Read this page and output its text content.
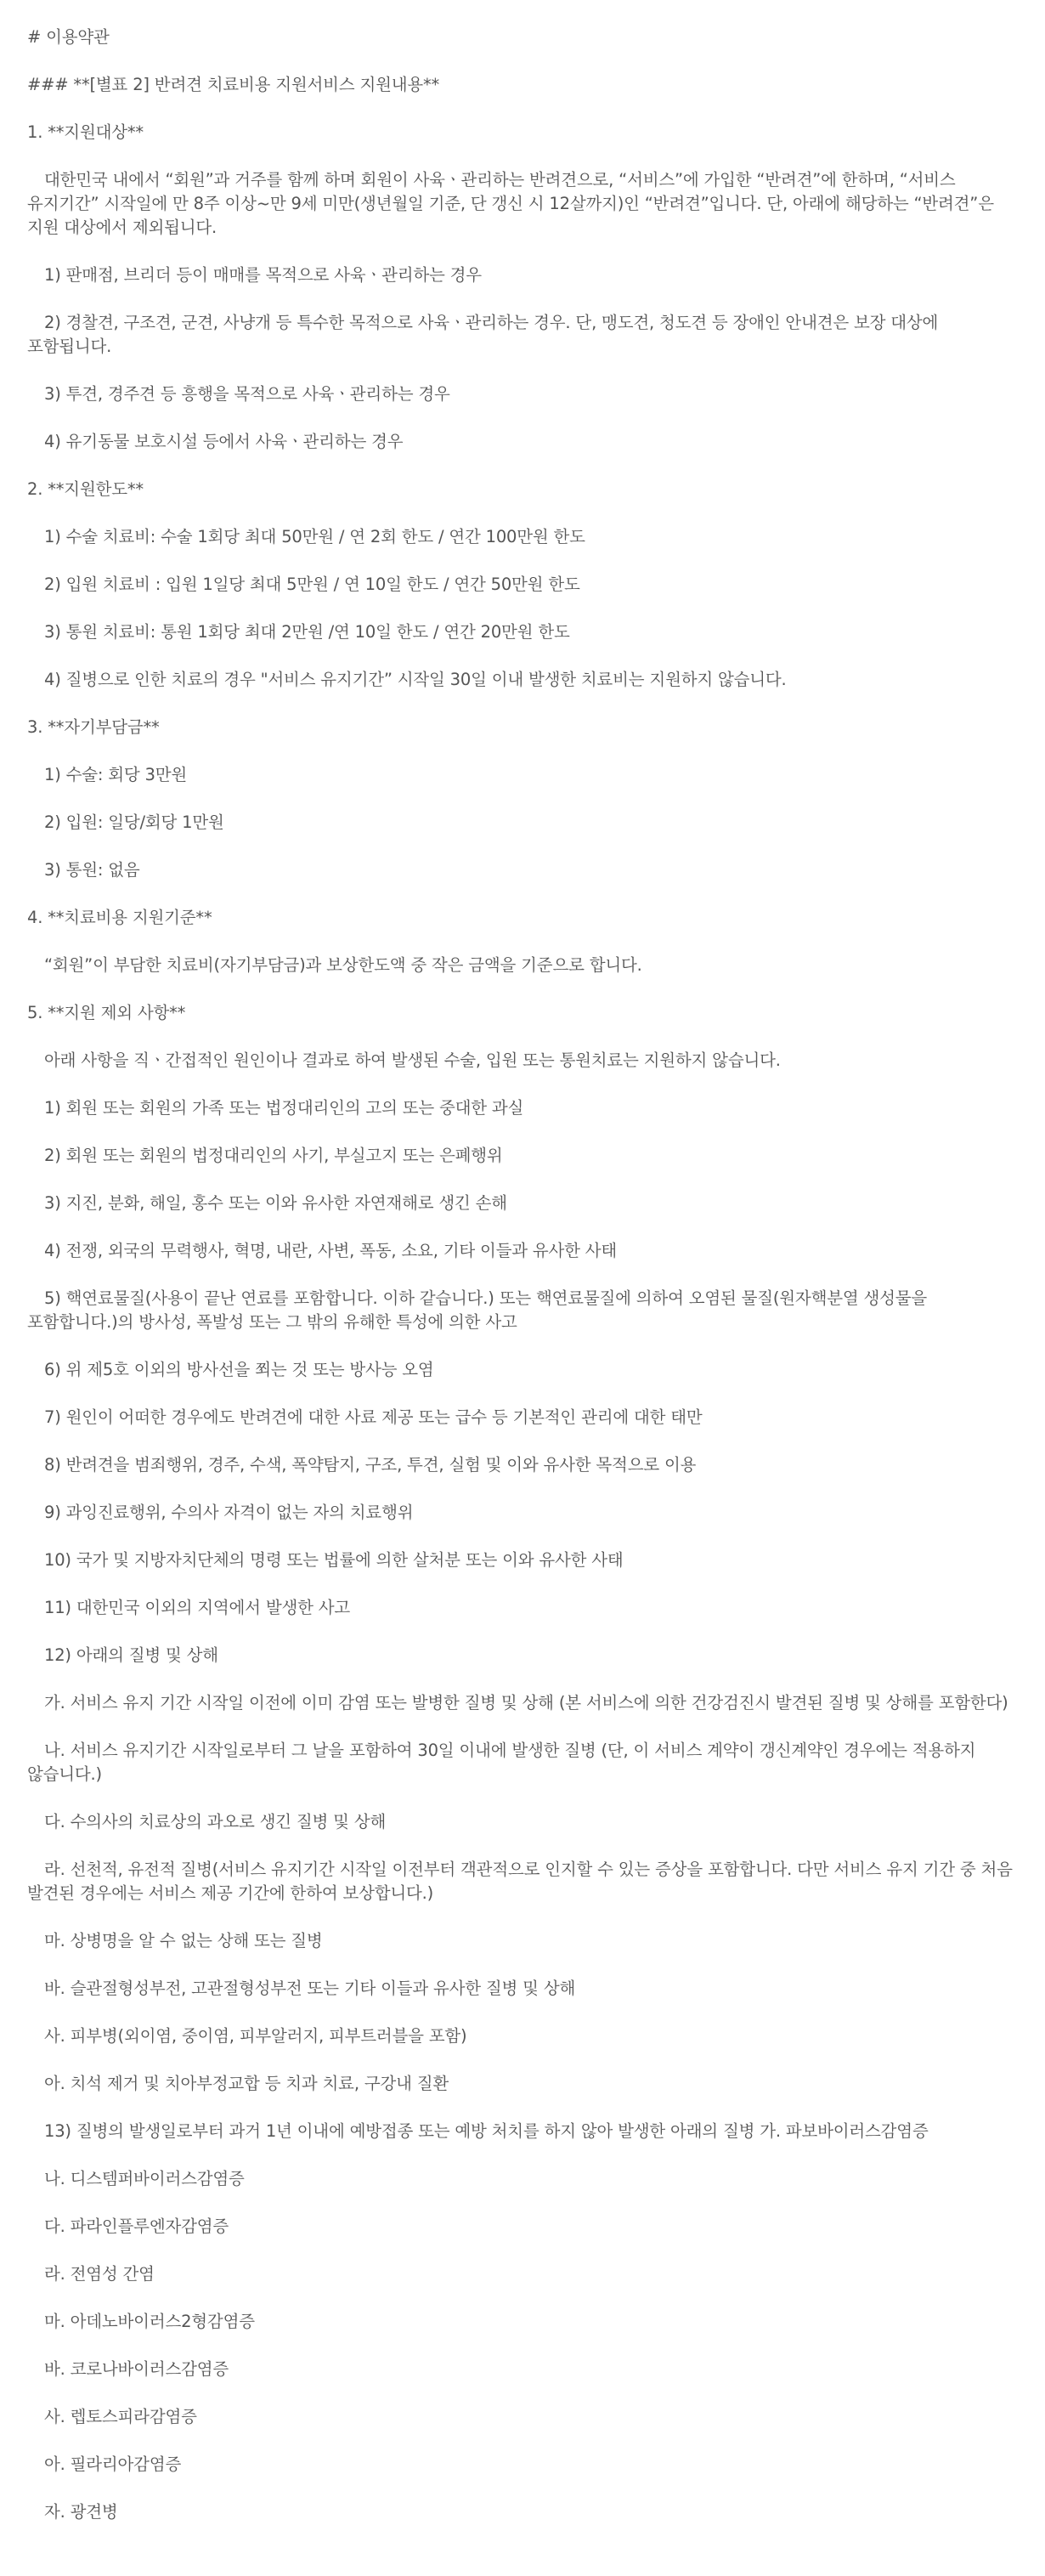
# 이용약관

### **[별표 2] 반려견 치료비용 지원서비스 지원내용**

1. **지원대상**

대한민국 내에서 “회원”과 거주를 함께 하며 회원이 사육ㆍ관리하는 반려견으로, “서비스”에 가입한 “반려견”에 한하며, “서비스 유지기간” 시작일에 만 8주 이상~만 9세 미만(생년월일 기준, 단 갱신 시 12살까지)인 “반려견”입니다. 단, 아래에 해당하는 “반려견”은 지원 대상에서 제외됩니다.

1) 판매점, 브리더 등이 매매를 목적으로 사육ㆍ관리하는 경우

2) 경찰견, 구조견, 군견, 사냥개 등 특수한 목적으로 사육ㆍ관리하는 경우. 단, 맹도견, 청도견 등 장애인 안내견은 보장 대상에 포함됩니다.

3) 투견, 경주견 등 흥행을 목적으로 사육ㆍ관리하는 경우

4) 유기동물 보호시설 등에서 사육ㆍ관리하는 경우

2. **지원한도**

1) 수술 치료비: 수술 1회당 최대 50만원 / 연 2회 한도 / 연간 100만원 한도

2) 입원 치료비 : 입원 1일당 최대 5만원 / 연 10일 한도 / 연간 50만원 한도

3) 통원 치료비: 통원 1회당 최대 2만원 /연 10일 한도 / 연간 20만원 한도

4) 질병으로 인한 치료의 경우 "서비스 유지기간” 시작일 30일 이내 발생한 치료비는 지원하지 않습니다.

3. **자기부담금**

1) 수술: 회당 3만원

2) 입원: 일당/회당 1만원

3) 통원: 없음

4. **치료비용 지원기준**

“회원”이 부담한 치료비(자기부담금)과 보상한도액 중 작은 금액을 기준으로 합니다.

5. **지원 제외 사항**

아래 사항을 직ㆍ간접적인 원인이나 결과로 하여 발생된 수술, 입원 또는 통원치료는 지원하지 않습니다.

1) 회원 또는 회원의 가족 또는 법정대리인의 고의 또는 중대한 과실

2) 회원 또는 회원의 법정대리인의 사기, 부실고지 또는 은폐행위

3) 지진, 분화, 해일, 홍수 또는 이와 유사한 자연재해로 생긴 손해

4) 전쟁, 외국의 무력행사, 혁명, 내란, 사변, 폭동, 소요, 기타 이들과 유사한 사태

5) 핵연료물질(사용이 끝난 연료를 포함합니다. 이하 같습니다.) 또는 핵연료물질에 의하여 오염된 물질(원자핵분열 생성물을 포함합니다.)의 방사성, 폭발성 또는 그 밖의 유해한 특성에 의한 사고

6) 위 제5호 이외의 방사선을 쬐는 것 또는 방사능 오염

7) 원인이 어떠한 경우에도 반려견에 대한 사료 제공 또는 급수 등 기본적인 관리에 대한 태만

8) 반려견을 범죄행위, 경주, 수색, 폭약탐지, 구조, 투견, 실험 및 이와 유사한 목적으로 이용

9) 과잉진료행위, 수의사 자격이 없는 자의 치료행위

10) 국가 및 지방자치단체의 명령 또는 법률에 의한 살처분 또는 이와 유사한 사태

11) 대한민국 이외의 지역에서 발생한 사고

12) 아래의 질병 및 상해

가. 서비스 유지 기간 시작일 이전에 이미 감염 또는 발병한 질병 및 상해 (본 서비스에 의한 건강검진시 발견된 질병 및 상해를 포함한다)

나. 서비스 유지기간 시작일로부터 그 날을 포함하여 30일 이내에 발생한 질병 (단, 이 서비스 계약이 갱신계약인 경우에는 적용하지 않습니다.)

다. 수의사의 치료상의 과오로 생긴 질병 및 상해

라. 선천적, 유전적 질병(서비스 유지기간 시작일 이전부터 객관적으로 인지할 수 있는 증상을 포함합니다. 다만 서비스 유지 기간 중 처음 발견된 경우에는 서비스 제공 기간에 한하여 보상합니다.)

마. 상병명을 알 수 없는 상해 또는 질병

바. 슬관절형성부전, 고관절형성부전 또는 기타 이들과 유사한 질병 및 상해

사. 피부병(외이염, 중이염, 피부알러지, 피부트러블을 포함)

아. 치석 제거 및 치아부정교합 등 치과 치료, 구강내 질환

13) 질병의 발생일로부터 과거 1년 이내에 예방접종 또는 예방 처치를 하지 않아 발생한 아래의 질병 가. 파보바이러스감염증

나. 디스템퍼바이러스감염증

다. 파라인플루엔자감염증

라. 전염성 간염

마. 아데노바이러스2형감염증

바. 코로나바이러스감염증

사. 렙토스피라감염증

아. 필라리아감염증

자. 광견병
